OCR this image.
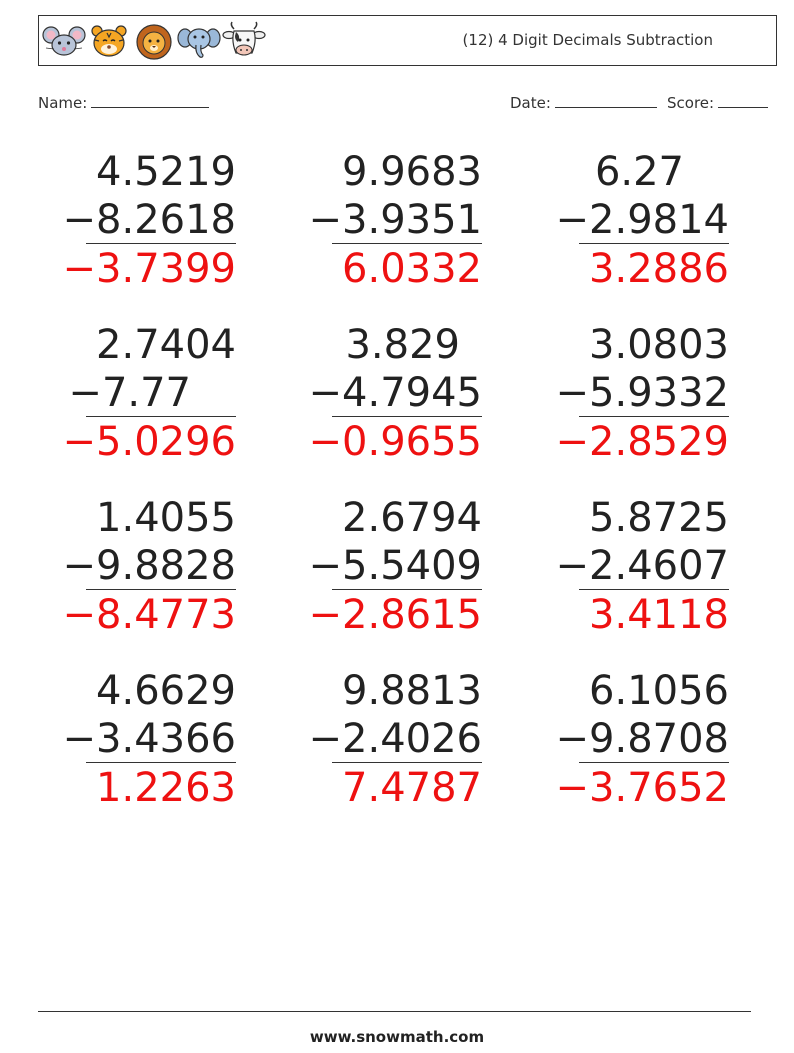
(12) 4 Digit Decimals Subtraction
Name:	Date:	Score:
4.5219
−8.2618
−3.7399
9.9683
−3.9351
6.0332
6.27
−2.9814
3.2886
2.7404
−7.77
−5.0296
3.829
−4.7945
−0.9655
3.0803
−5.9332
−2.8529
1.4055
−9.8828
−8.4773
2.6794
−5.5409
−2.8615
5.8725
−2.4607
3.4118
4.6629
−3.4366
1.2263
9.8813
−2.4026
7.4787
6.1056
−9.8708
−3.7652
www.snowmath.com
